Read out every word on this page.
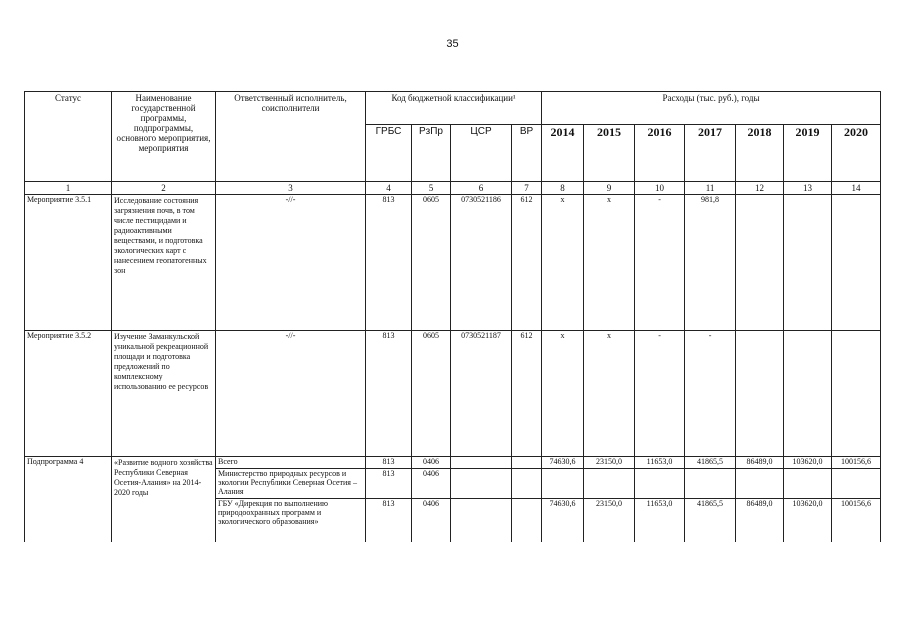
35
Статус	Наименование государственной программы, подпрограммы, основного мероприятия, мероприятия	Ответственный исполнитель, соисполнители	Код бюджетной классификации¹				Расходы (тыс. руб.), годы						
			ГРБС	РзПр	ЦСР	ВР	2014	2015	2016	2017	2018	2019	2020
1	2	3	4	5	6	7	8	9	10	11	12	13	14
Мероприятие 3.5.1	Исследование состояния загрязнения почв, в том числе пестицидами и радиоактивными веществами, и подготовка экологических карт с нанесением геопатогенных зон	-//-	813	0605	0730521186	612	х	х	-	981,8			
Мероприятие 3.5.2	Изучение Заманкульской уникальной рекреационной площади и подготовка предложений по комплексному использованию ее ресурсов	-//-	813	0605	0730521187	612	х	х	-	-			
Подпрограмма 4	«Развитие водного хозяйства Республики Северная Осетия-Алания» на 2014-2020 годы	Всего	813	0406			74630,6	23150,0	11653,0	41865,5	86489,0	103620,0	100156,6
		Министерство природных ресурсов и экологии Республики Северная Осетия – Алания	813	0406									
		ГБУ «Дирекция по выполнению природоохранных программ и экологического образования»	813	0406			74630,6	23150,0	11653,0	41865,5	86489,0	103620,0	100156,6
